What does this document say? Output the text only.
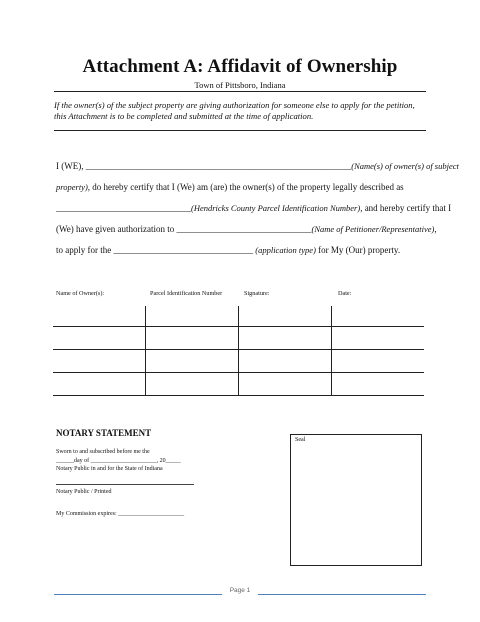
Attachment A: Affidavit of Ownership
Town of Pittsboro, Indiana
If the owner(s) of the subject property are giving authorization for someone else to apply for the petition, this Attachment is to be completed and submitted at the time of application.
I (WE), ___________________________________________________________(Name(s) of owner(s) of subject
property), do hereby certify that I (We) am (are) the owner(s) of the property legally described as
______________________________(Hendricks County Parcel Identification Number), and hereby certify that I
(We) have given authorization to ______________________________(Name of Petitioner/Representative),
to apply for the _______________________________ (application type) for My (Our) property.
Name of Owner(s):	Parcel Identification Number	Signature:	Date:

NOTARY STATEMENT
Sworn to and subscribed before me the
______day of ______________________, 20_____
Notary Public in and for the State of Indiana
Notary Public / Printed
My Commission expires: ______________________
Seal
Page 1
